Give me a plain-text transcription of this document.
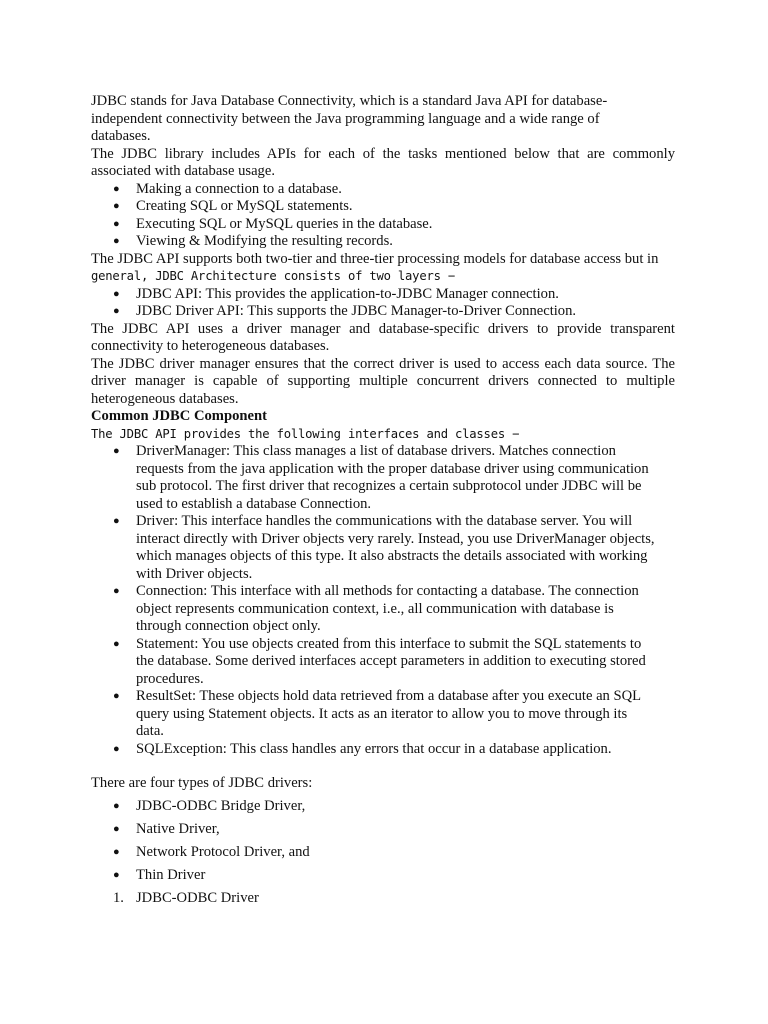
JDBC stands for Java Database Connectivity, which is a standard Java API for database-independent connectivity between the Java programming language and a wide range of databases.

The JDBC library includes APIs for each of the tasks mentioned below that are commonly associated with database usage.

● Making a connection to a database.
● Creating SQL or MySQL statements.
● Executing SQL or MySQL queries in the database.
● Viewing & Modifying the resulting records.

The JDBC API supports both two-tier and three-tier processing models for database access but in

general, JDBC Architecture consists of two layers −

● JDBC API: This provides the application-to-JDBC Manager connection.
● JDBC Driver API: This supports the JDBC Manager-to-Driver Connection.

The JDBC API uses a driver manager and database-specific drivers to provide transparent connectivity to heterogeneous databases.

The JDBC driver manager ensures that the correct driver is used to access each data source. The driver manager is capable of supporting multiple concurrent drivers connected to multiple heterogeneous databases.

Common JDBC Component

The JDBC API provides the following interfaces and classes −

● DriverManager: This class manages a list of database drivers. Matches connection requests from the java application with the proper database driver using communication sub protocol. The first driver that recognizes a certain subprotocol under JDBC will be used to establish a database Connection.
● Driver: This interface handles the communications with the database server. You will interact directly with Driver objects very rarely. Instead, you use DriverManager objects, which manages objects of this type. It also abstracts the details associated with working with Driver objects.
● Connection: This interface with all methods for contacting a database. The connection object represents communication context, i.e., all communication with database is through connection object only.
● Statement: You use objects created from this interface to submit the SQL statements to the database. Some derived interfaces accept parameters in addition to executing stored procedures.
● ResultSet: These objects hold data retrieved from a database after you execute an SQL query using Statement objects. It acts as an iterator to allow you to move through its data.
● SQLException: This class handles any errors that occur in a database application.

There are four types of JDBC drivers:

● JDBC-ODBC Bridge Driver,
● Native Driver,
● Network Protocol Driver, and
● Thin Driver
1. JDBC-ODBC Driver
